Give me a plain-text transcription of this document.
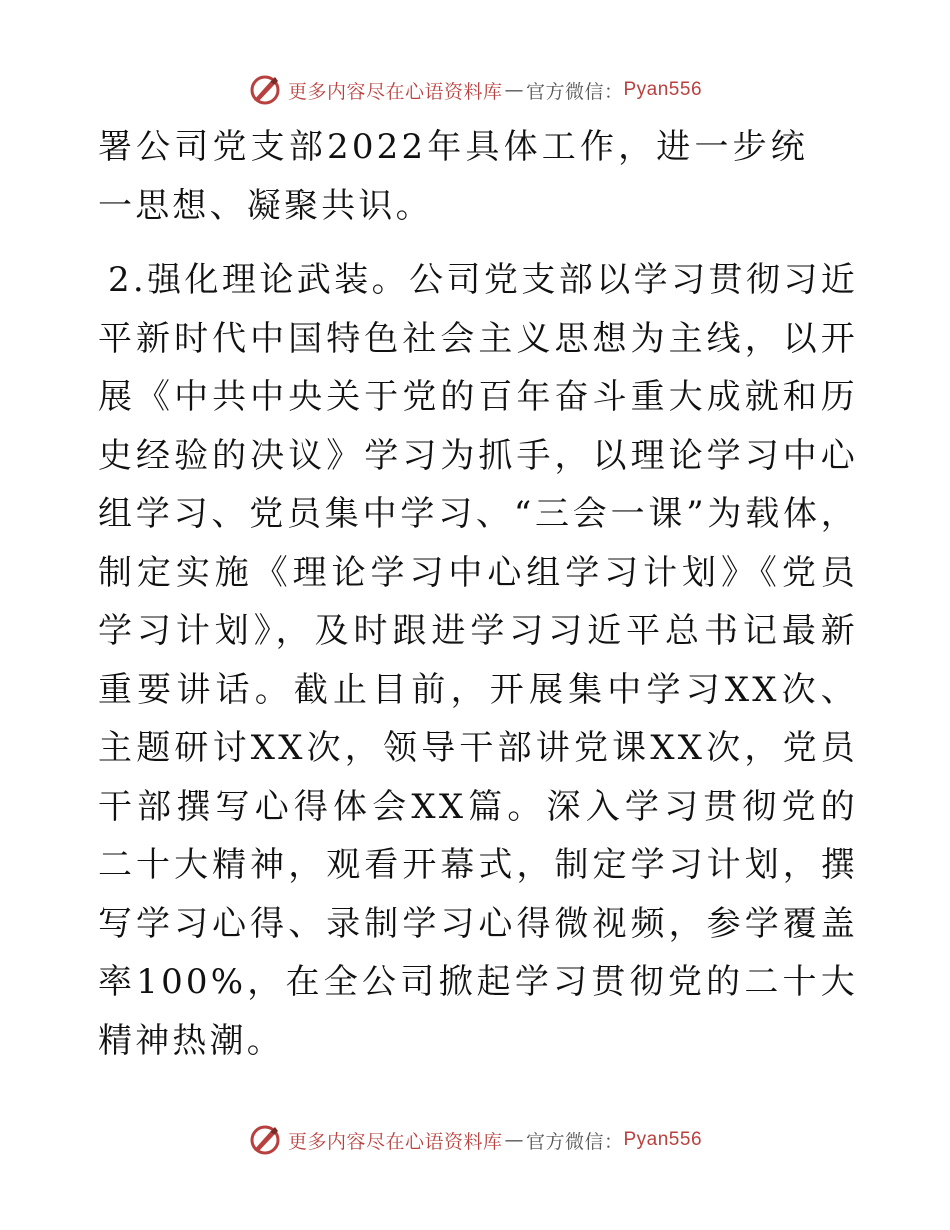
更多内容尽在心语资料库 — 官方微信： Pyan556

署公司党支部2022年具体工作，进一步统一思想、凝聚共识。

2.强化理论武装。公司党支部以学习贯彻习近平新时代中国特色社会主义思想为主线，以开展《中共中央关于党的百年奋斗重大成就和历史经验的决议》学习为抓手，以理论学习中心组学习、党员集中学习、“三会一课”为载体，制定实施《理论学习中心组学习计划》《党员学习计划》，及时跟进学习习近平总书记最新重要讲话。截止目前，开展集中学习XX次、主题研讨XX次，领导干部讲党课XX次，党员干部撰写心得体会XX篇。深入学习贯彻党的二十大精神，观看开幕式，制定学习计划，撰写学习心得、录制学习心得微视频，参学覆盖率100%，在全公司掀起学习贯彻党的二十大精神热潮。

更多内容尽在心语资料库 — 官方微信： Pyan556
